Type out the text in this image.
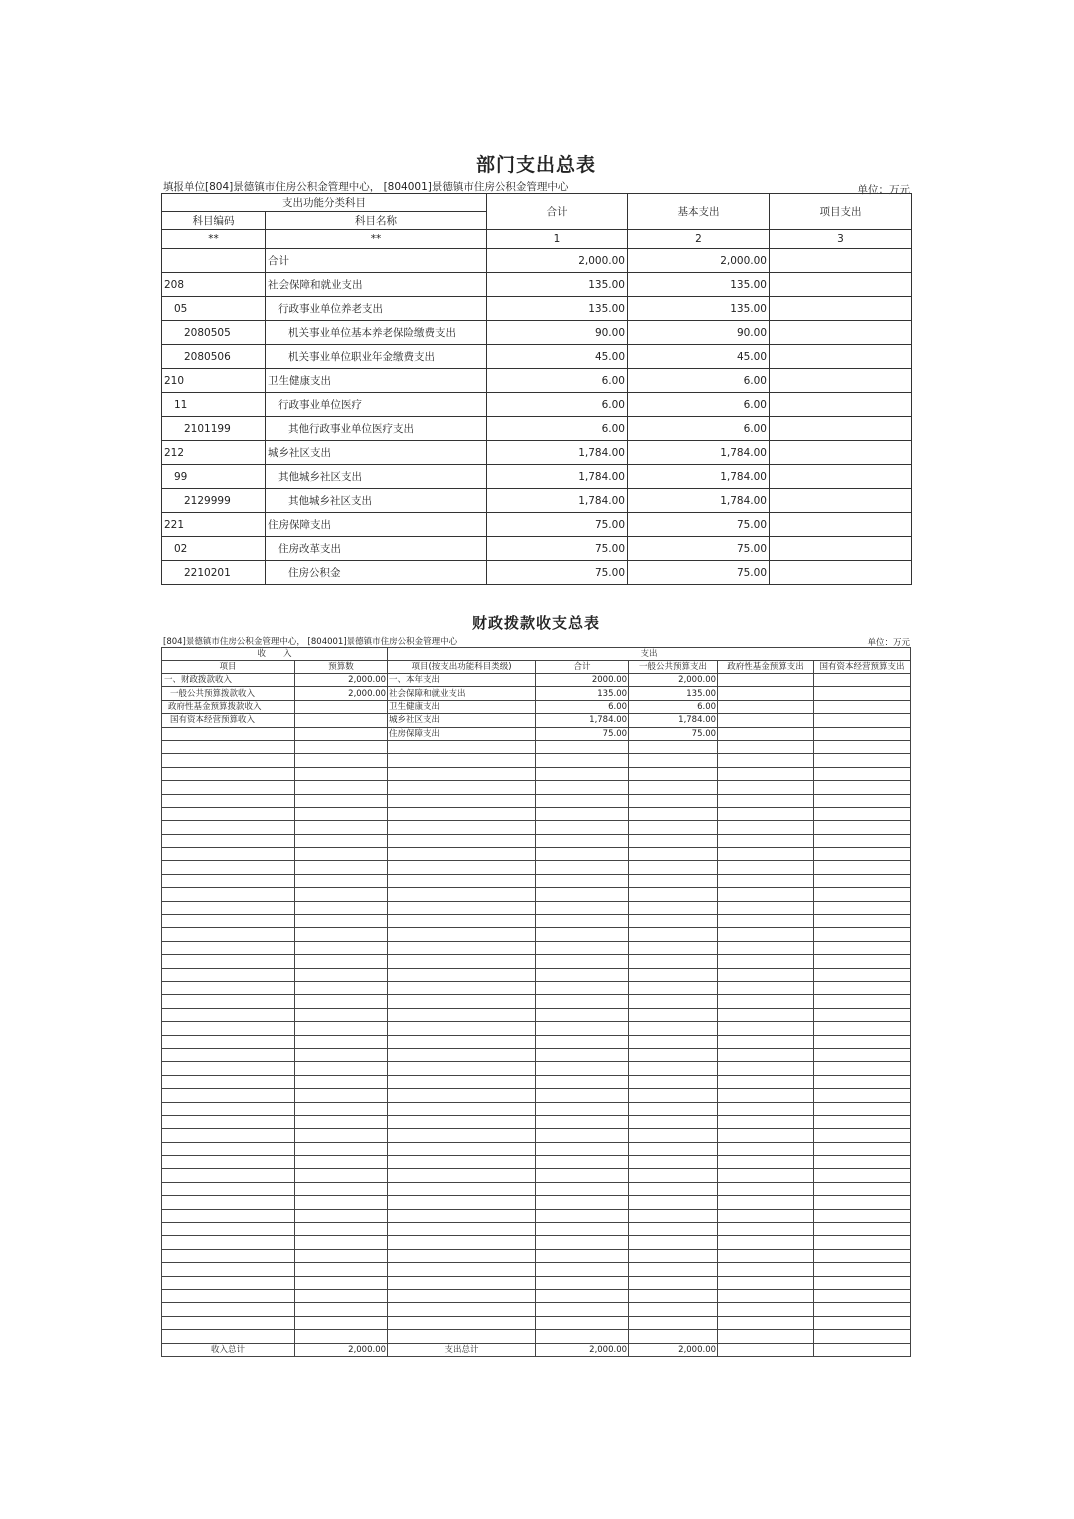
部门支出总表
填报单位[804]景德镇市住房公积金管理中心， [804001]景德镇市住房公积金管理中心	单位：万元
支出功能分类科目		合计	基本支出	项目支出
科目编码	科目名称			
**	**	1	2	3
	合计	2,000.00	2,000.00	
208	社会保障和就业支出	135.00	135.00	
05	行政事业单位养老支出	135.00	135.00	
2080505	机关事业单位基本养老保险缴费支出	90.00	90.00	
2080506	机关事业单位职业年金缴费支出	45.00	45.00	
210	卫生健康支出	6.00	6.00	
11	行政事业单位医疗	6.00	6.00	
2101199	其他行政事业单位医疗支出	6.00	6.00	
212	城乡社区支出	1,784.00	1,784.00	
99	其他城乡社区支出	1,784.00	1,784.00	
2129999	其他城乡社区支出	1,784.00	1,784.00	
221	住房保障支出	75.00	75.00	
02	住房改革支出	75.00	75.00	
2210201	住房公积金	75.00	75.00	
财政拨款收支总表
[804]景德镇市住房公积金管理中心， [804001]景德镇市住房公积金管理中心	单位：万元
收　　入		支出				
项目	预算数	项目(按支出功能科目类级)	合计	一般公共预算支出	政府性基金预算支出	国有资本经营预算支出
一、财政拨款收入	2,000.00	一、本年支出	2000.00	2,000.00		
一般公共预算拨款收入	2,000.00	社会保障和就业支出	135.00	135.00		
政府性基金预算拨款收入		卫生健康支出	6.00	6.00		
国有资本经营预算收入		城乡社区支出	1,784.00	1,784.00		
		住房保障支出	75.00	75.00		

收入总计	2,000.00	支出总计	2,000.00	2,000.00		
